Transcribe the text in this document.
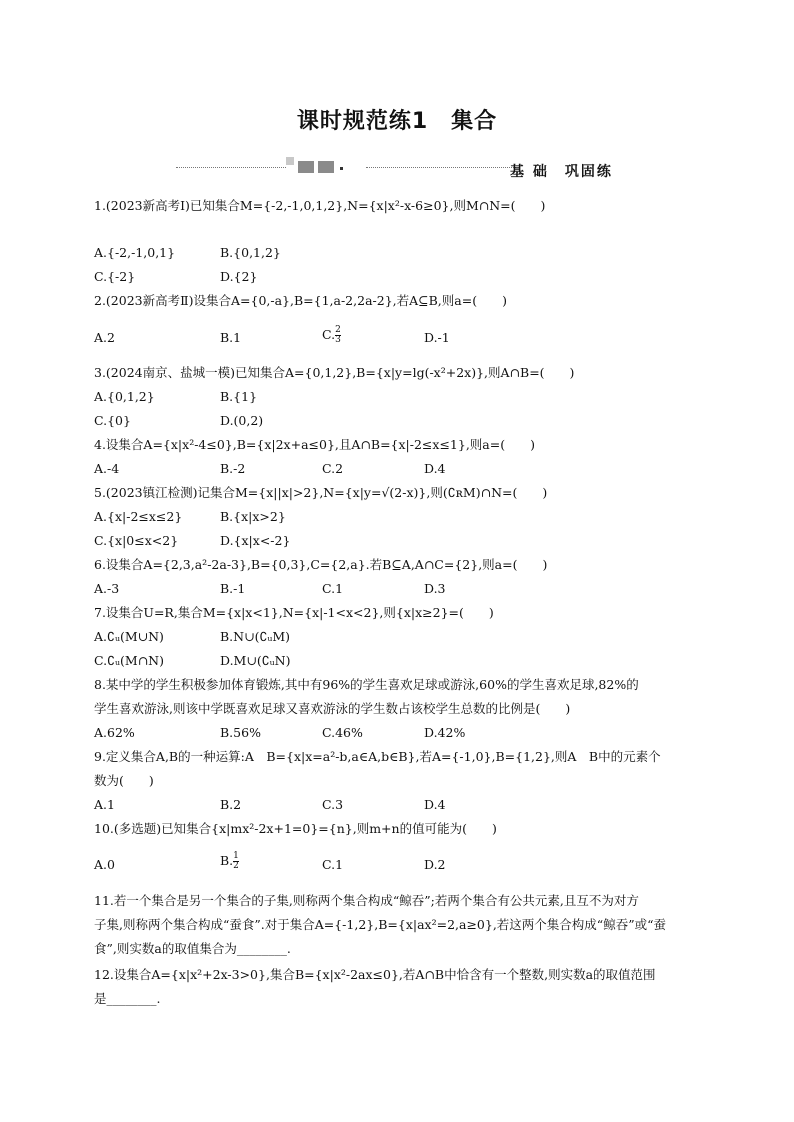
课时规范练1　集合
基 础　巩固练
1.(2023新高考Ⅰ)已知集合M={-2,-1,0,1,2},N={x|x²-x-6≥0},则M∩N=(　　)
A.{-2,-1,0,1}	B.{0,1,2}
C.{-2}	D.{2}
2.(2023新高考Ⅱ)设集合A={0,-a},B={1,a-2,2a-2},若A⊆B,则a=(　　)
A.2	B.1	C. $\frac{2}{3}$	D.-1
3.(2024南京、盐城一模)已知集合A={0,1,2},B={x|y=lg(-x²+2x)},则A∩B=(　　)
A.{0,1,2}	B.{1}
C.{0}	D.(0,2)
4.设集合A={x|x²-4≤0},B={x|2x+a≤0},且A∩B={x|-2≤x≤1},则a=(　　)
A.-4	B.-2	C.2	D.4
5.(2023镇江检测)记集合M={x||x|>2},N={x|y=√(2-x)},则(∁ʀM)∩N=(　　)
A.{x|-2≤x≤2}	B.{x|x>2}
C.{x|0≤x<2}	D.{x|x<-2}
6.设集合A={2,3,a²-2a-3},B={0,3},C={2,a}.若B⊆A,A∩C={2},则a=(　　)
A.-3	B.-1	C.1	D.3
7.设集合U=R,集合M={x|x<1},N={x|-1<x<2},则{x|x≥2}=(　　)
A.∁ᵤ(M∪N)	B.N∪(∁ᵤM)
C.∁ᵤ(M∩N)	D.M∪(∁ᵤN)
8.某中学的学生积极参加体育锻炼,其中有96%的学生喜欢足球或游泳,60%的学生喜欢足球,82%的
学生喜欢游泳,则该中学既喜欢足球又喜欢游泳的学生数占该校学生总数的比例是(　　)
A.62%	B.56%	C.46%	D.42%
9.定义集合A,B的一种运算:A　B={x|x=a²-b,a∈A,b∈B},若A={-1,0},B={1,2},则A　B中的元素个
数为(　　)
A.1	B.2	C.3	D.4
10.(多选题)已知集合{x|mx²-2x+1=0}={n},则m+n的值可能为(　　)
A.0	B. $\frac{1}{2}$	C.1	D.2
11.若一个集合是另一个集合的子集,则称两个集合构成“鲸吞”;若两个集合有公共元素,且互不为对方
子集,则称两个集合构成“蚕食”.对于集合A={-1,2},B={x|ax²=2,a≥0},若这两个集合构成“鲸吞”或“蚕
食”,则实数a的取值集合为________.
12.设集合A={x|x²+2x-3>0},集合B={x|x²-2ax≤0},若A∩B中恰含有一个整数,则实数a的取值范围
是________.
